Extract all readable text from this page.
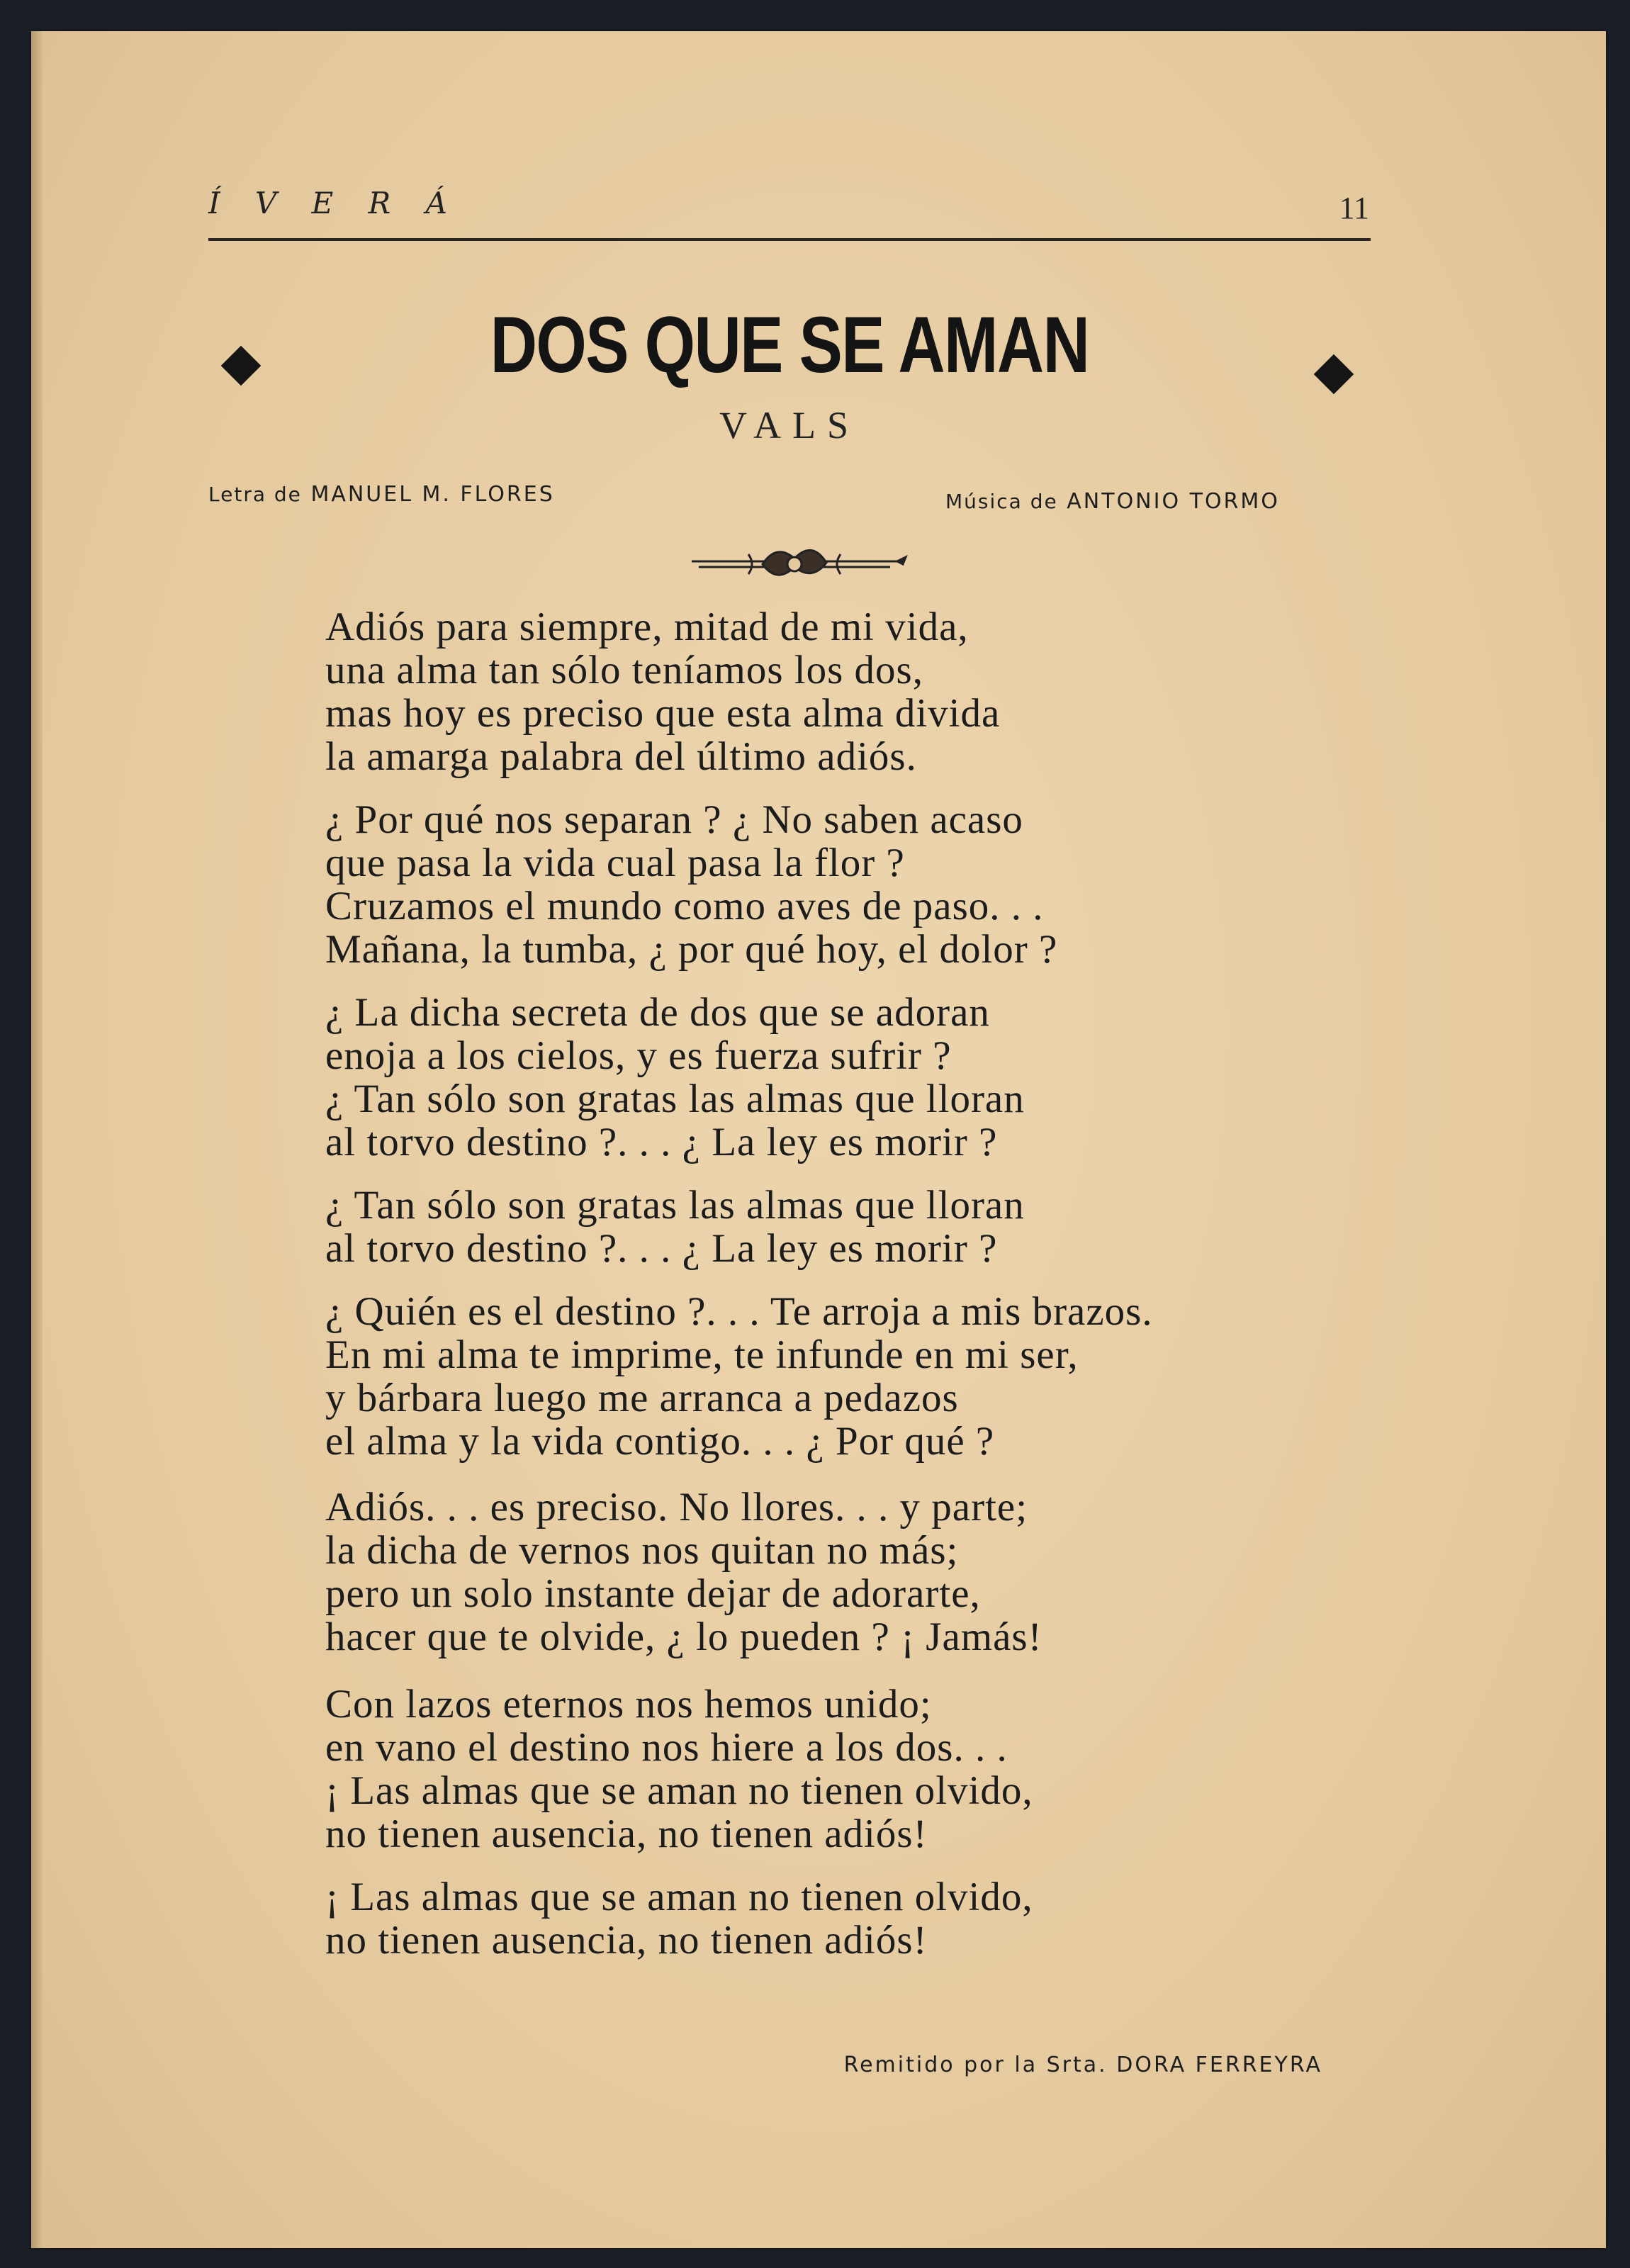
Í V E R Á	11
DOS QUE SE AMAN
VALS
Letra de MANUEL M. FLORES	Música de ANTONIO TORMO
Adiós para siempre, mitad de mi vida,
una alma tan sólo teníamos los dos,
mas hoy es preciso que esta alma divida
la amarga palabra del último adiós.
¿ Por qué nos separan ? ¿ No saben acaso
que pasa la vida cual pasa la flor ?
Cruzamos el mundo como aves de paso. . .
Mañana, la tumba, ¿ por qué hoy, el dolor ?
¿ La dicha secreta de dos que se adoran
enoja a los cielos, y es fuerza sufrir ?
¿ Tan sólo son gratas las almas que lloran
al torvo destino ?. . . ¿ La ley es morir ?
¿ Tan sólo son gratas las almas que lloran
al torvo destino ?. . . ¿ La ley es morir ?
¿ Quién es el destino ?. . . Te arroja a mis brazos.
En mi alma te imprime, te infunde en mi ser,
y bárbara luego me arranca a pedazos
el alma y la vida contigo. . . ¿ Por qué ?
Adiós. . . es preciso. No llores. . . y parte;
la dicha de vernos nos quitan no más;
pero un solo instante dejar de adorarte,
hacer que te olvide, ¿ lo pueden ? ¡ Jamás!
Con lazos eternos nos hemos unido;
en vano el destino nos hiere a los dos. . .
¡ Las almas que se aman no tienen olvido,
no tienen ausencia, no tienen adiós!
¡ Las almas que se aman no tienen olvido,
no tienen ausencia, no tienen adiós!
Remitido por la Srta. DORA FERREYRA
